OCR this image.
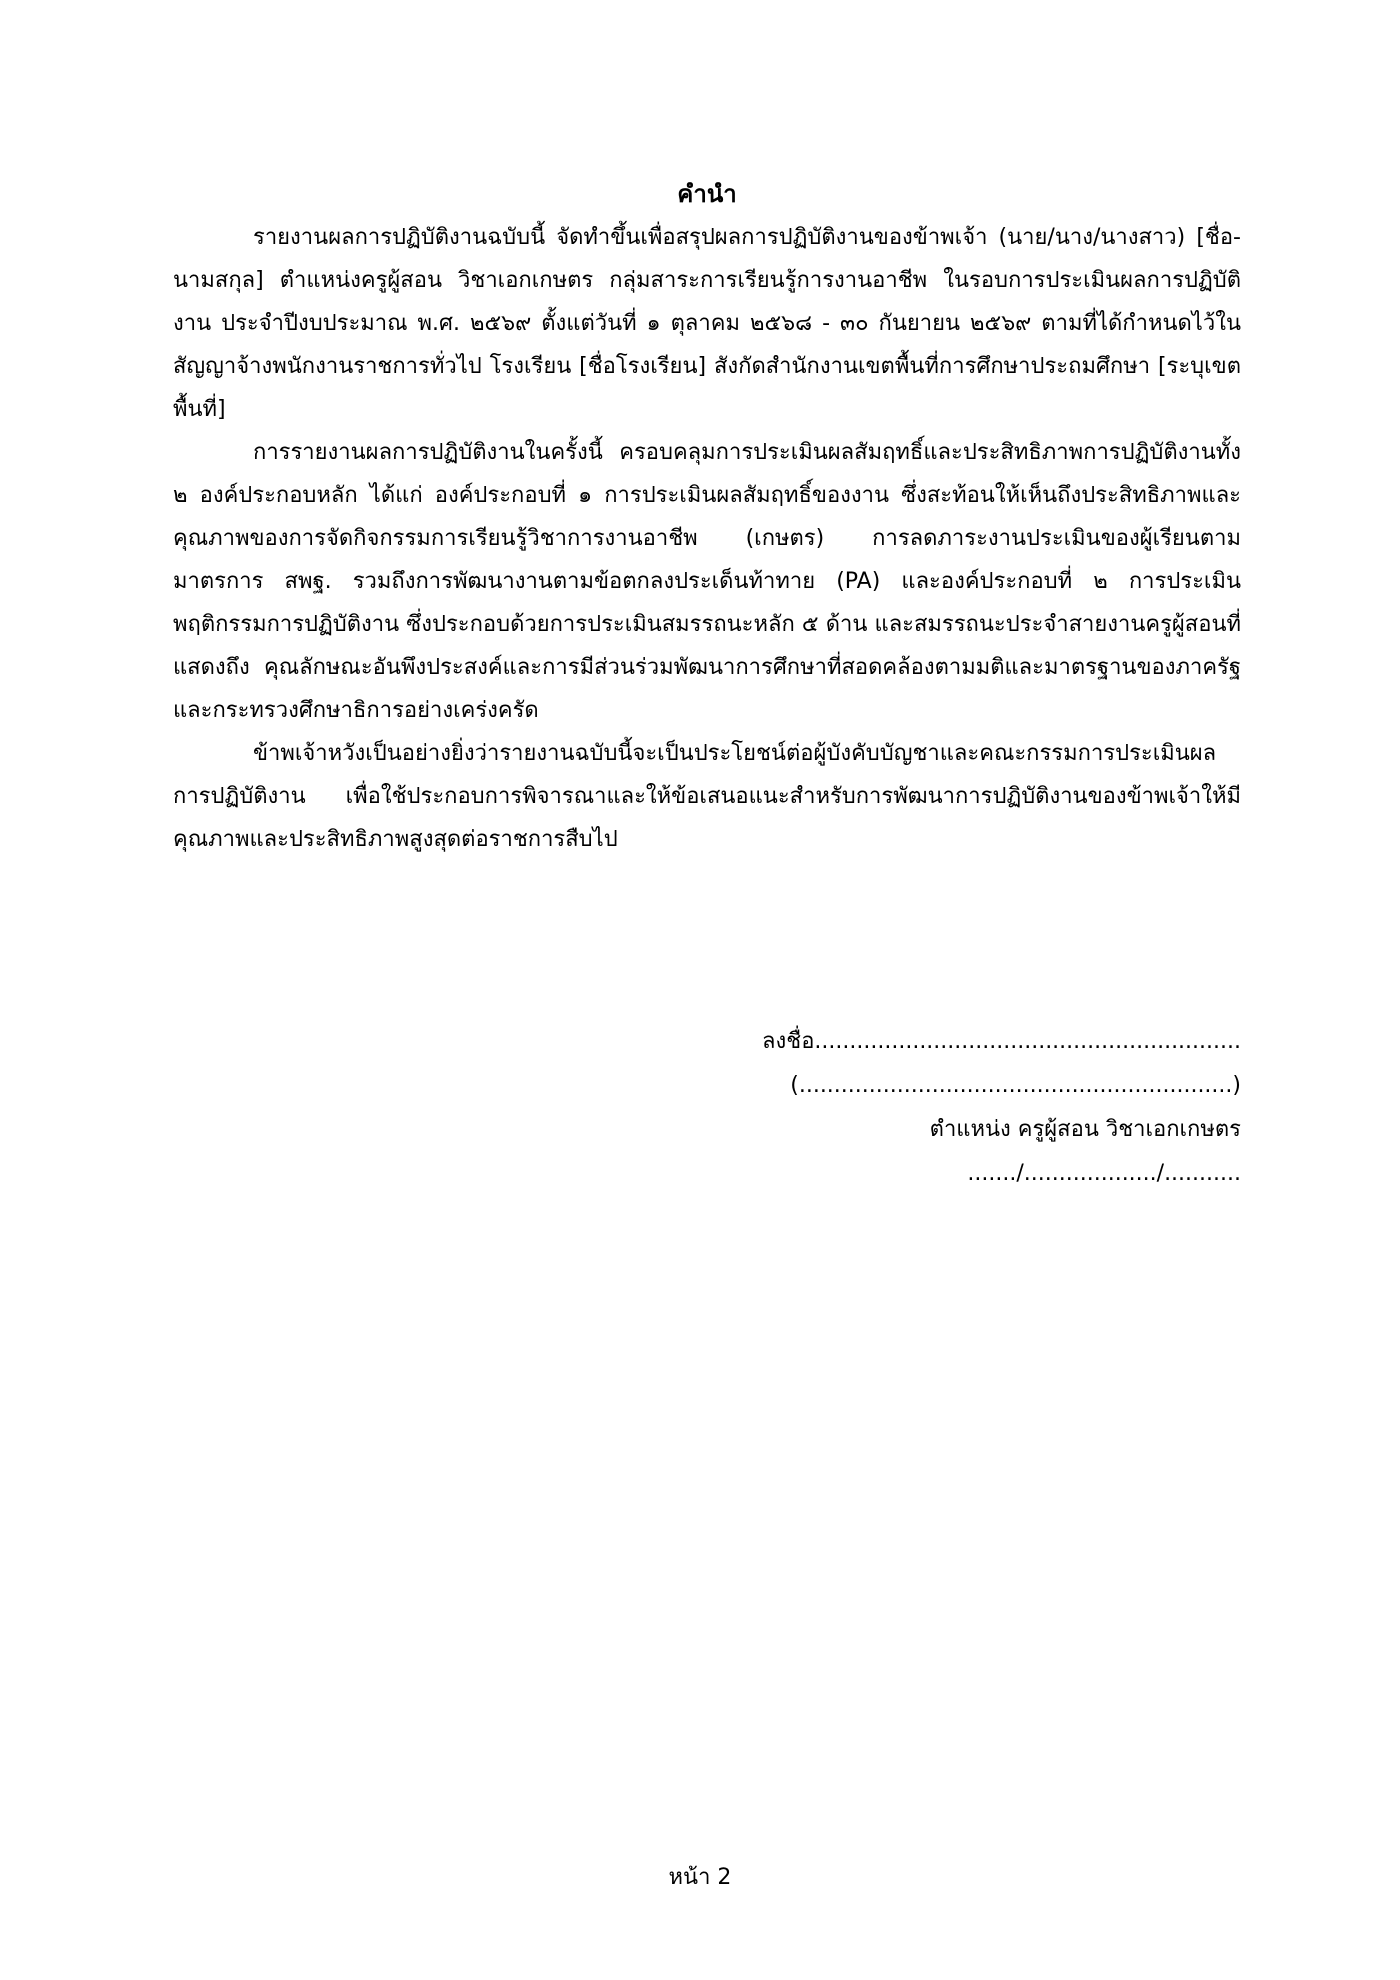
คำนำ

รายงานผลการปฏิบัติงานฉบับนี้ จัดทำขึ้นเพื่อสรุปผลการปฏิบัติงานของข้าพเจ้า (นาย/นาง/นางสาว) [ชื่อ-นามสกุล] ตำแหน่งครูผู้สอน วิชาเอกเกษตร กลุ่มสาระการเรียนรู้การงานอาชีพ ในรอบการประเมินผลการปฏิบัติงาน ประจำปีงบประมาณ พ.ศ. ๒๕๖๙ ตั้งแต่วันที่ ๑ ตุลาคม ๒๕๖๘ - ๓๐ กันยายน ๒๕๖๙ ตามที่ได้กำหนดไว้ในสัญญาจ้างพนักงานราชการทั่วไป โรงเรียน [ชื่อโรงเรียน] สังกัดสำนักงานเขตพื้นที่การศึกษาประถมศึกษา [ระบุเขตพื้นที่]

การรายงานผลการปฏิบัติงานในครั้งนี้ ครอบคลุมการประเมินผลสัมฤทธิ์และประสิทธิภาพการปฏิบัติงานทั้ง ๒ องค์ประกอบหลัก ได้แก่ องค์ประกอบที่ ๑ การประเมินผลสัมฤทธิ์ของงาน ซึ่งสะท้อนให้เห็นถึงประสิทธิภาพและคุณภาพของการจัดกิจกรรมการเรียนรู้วิชาการงานอาชีพ (เกษตร) การลดภาระงานประเมินของผู้เรียนตามมาตรการ สพฐ. รวมถึงการพัฒนางานตามข้อตกลงประเด็นท้าทาย (PA) และองค์ประกอบที่ ๒ การประเมินพฤติกรรมการปฏิบัติงาน ซึ่งประกอบด้วยการประเมินสมรรถนะหลัก ๕ ด้าน และสมรรถนะประจำสายงานครูผู้สอนที่แสดงถึง คุณลักษณะอันพึงประสงค์และการมีส่วนร่วมพัฒนาการศึกษาที่สอดคล้องตามมติและมาตรฐานของภาครัฐและกระทรวงศึกษาธิการอย่างเคร่งครัด

ข้าพเจ้าหวังเป็นอย่างยิ่งว่ารายงานฉบับนี้จะเป็นประโยชน์ต่อผู้บังคับบัญชาและคณะกรรมการประเมินผลการปฏิบัติงาน เพื่อใช้ประกอบการพิจารณาและให้ข้อเสนอแนะสำหรับการพัฒนาการปฏิบัติงานของข้าพเจ้าให้มีคุณภาพและประสิทธิภาพสูงสุดต่อราชการสืบไป

ลงชื่อ.............................................................

(..............................................................)

ตำแหน่ง ครูผู้สอน วิชาเอกเกษตร

......./.................../...........

หน้า 2
